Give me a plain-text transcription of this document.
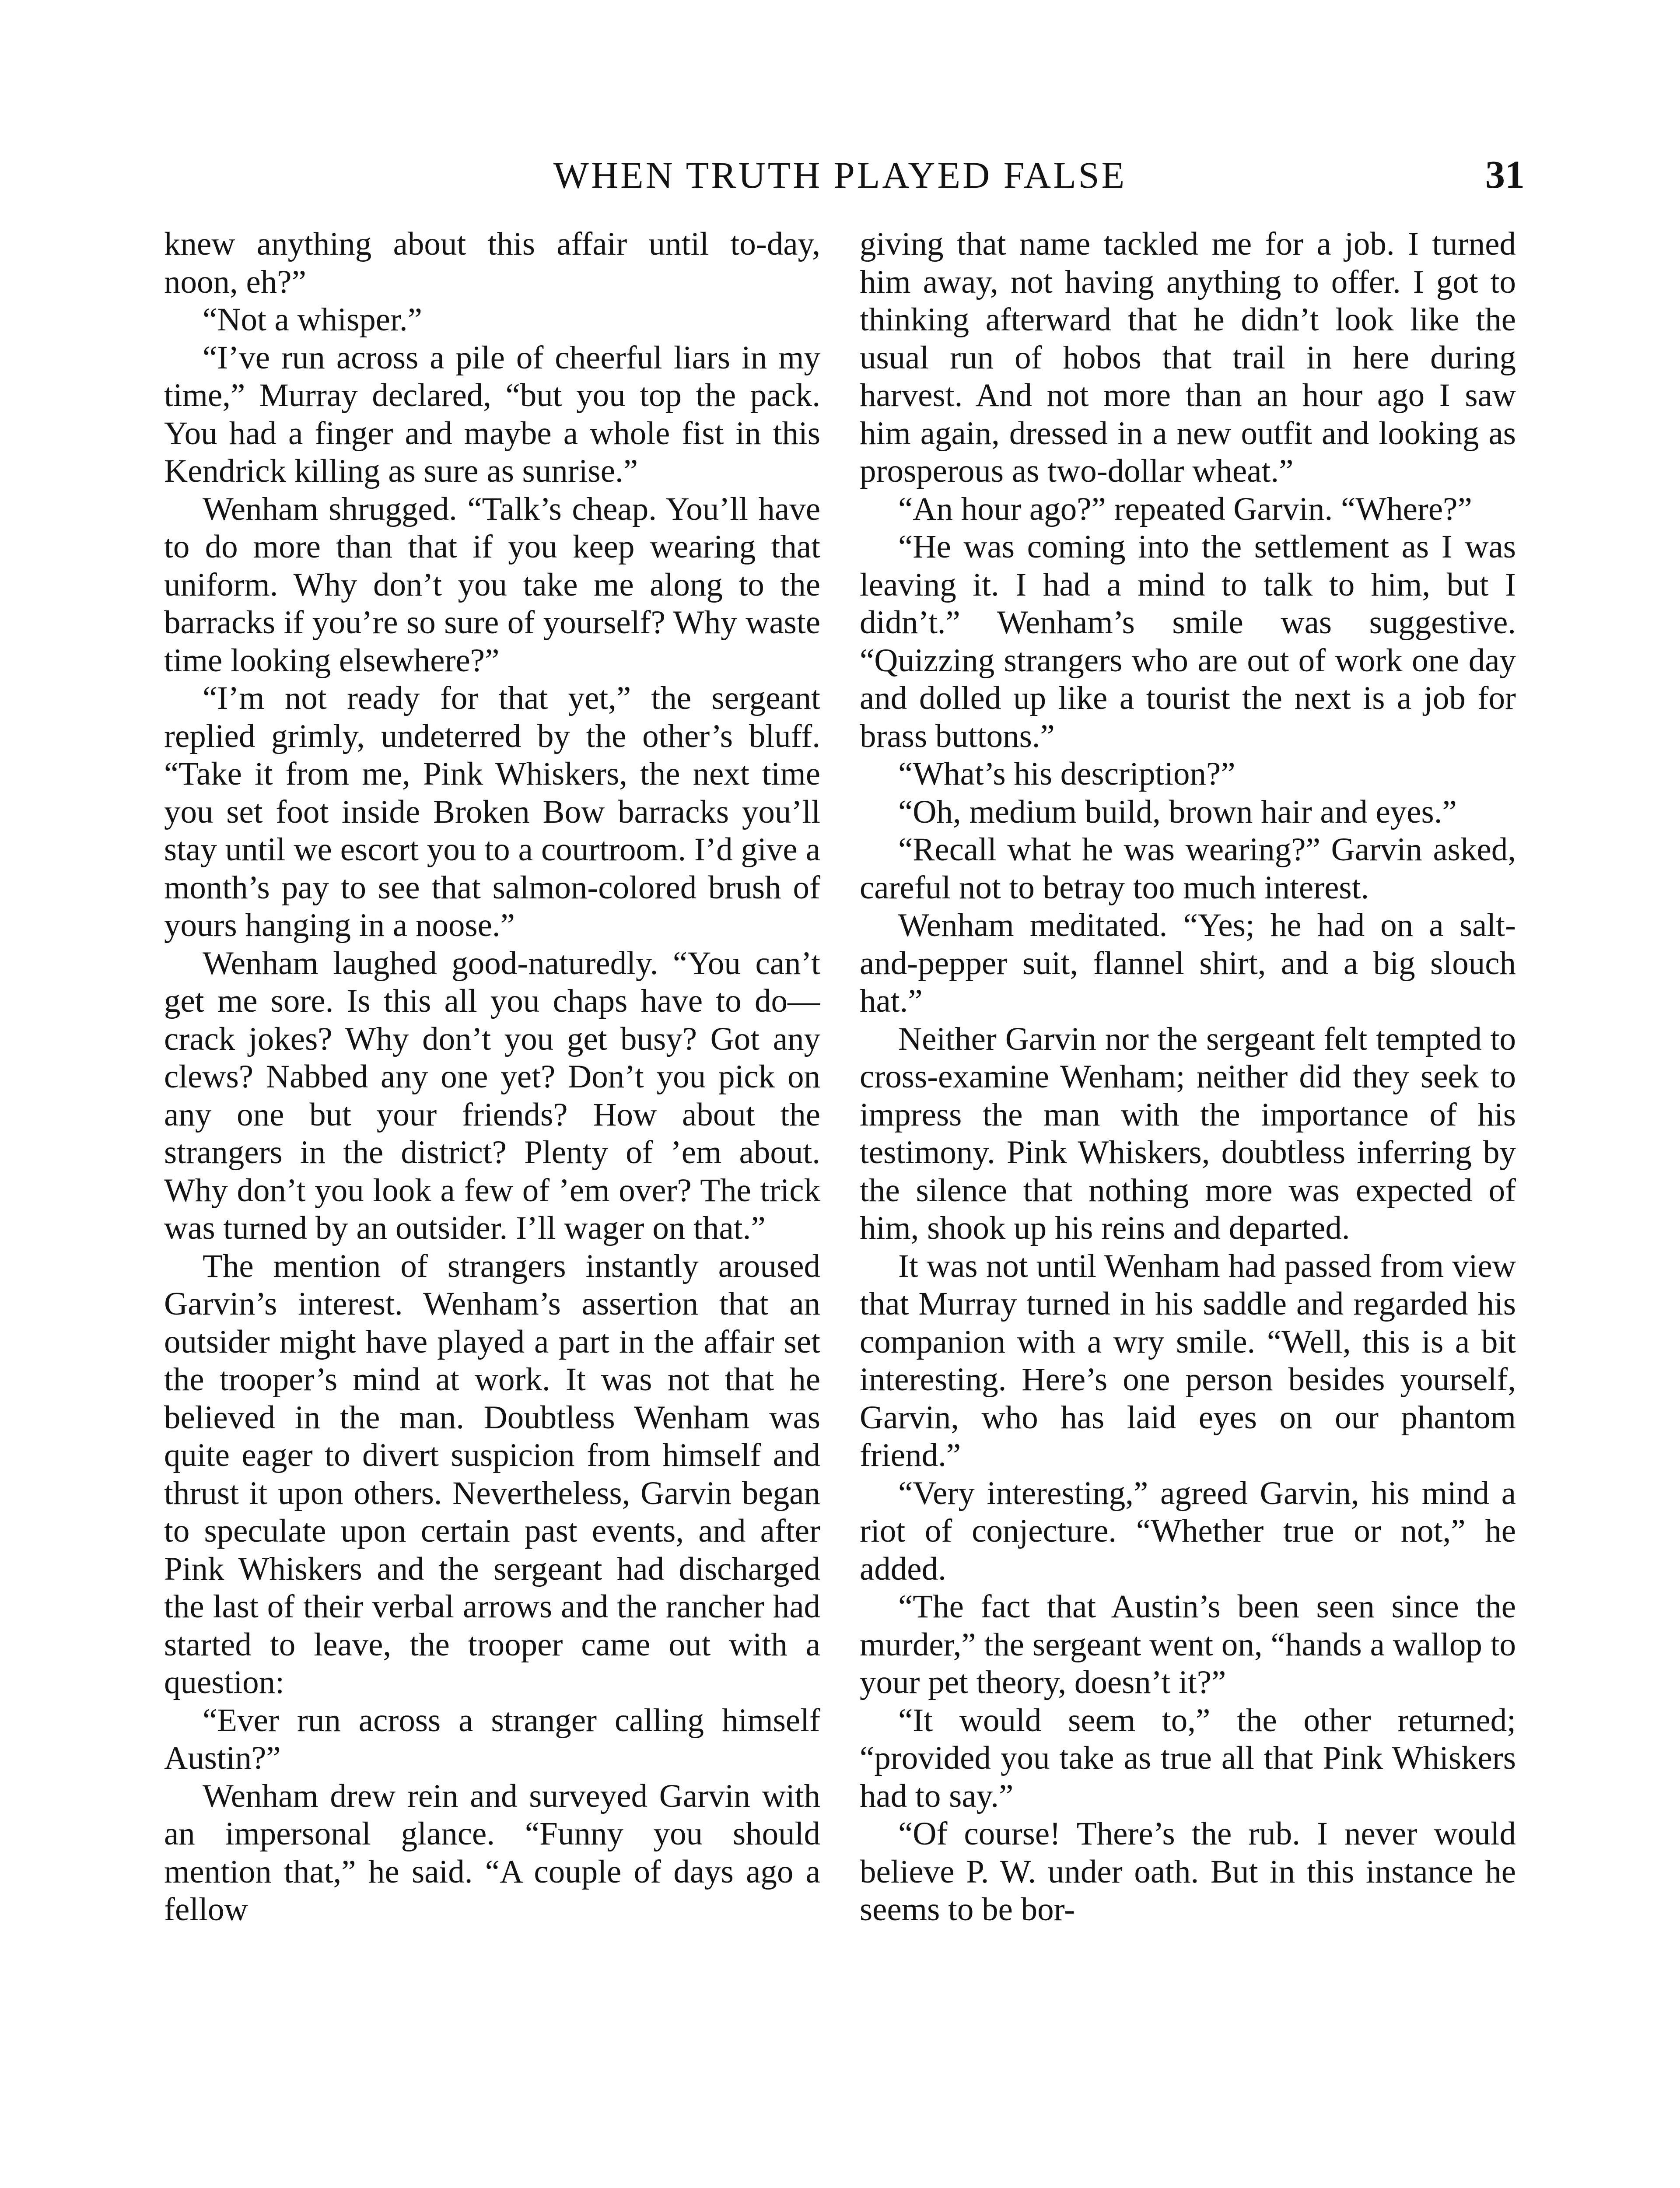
WHEN TRUTH PLAYED FALSE	31

knew anything about this affair until to-day, noon, eh?”

“Not a whisper.”

“I’ve run across a pile of cheerful liars in my time,” Murray declared, “but you top the pack. You had a finger and maybe a whole fist in this Kendrick killing as sure as sunrise.”

Wenham shrugged. “Talk’s cheap. You’ll have to do more than that if you keep wearing that uniform. Why don’t you take me along to the barracks if you’re so sure of yourself? Why waste time looking elsewhere?”

“I’m not ready for that yet,” the sergeant replied grimly, undeterred by the other’s bluff. “Take it from me, Pink Whiskers, the next time you set foot inside Broken Bow barracks you’ll stay until we escort you to a courtroom. I’d give a month’s pay to see that salmon-colored brush of yours hanging in a noose.”

Wenham laughed good-naturedly. “You can’t get me sore. Is this all you chaps have to do—crack jokes? Why don’t you get busy? Got any clews? Nabbed any one yet? Don’t you pick on any one but your friends? How about the strangers in the district? Plenty of ’em about. Why don’t you look a few of ’em over? The trick was turned by an outsider. I’ll wager on that.”

The mention of strangers instantly aroused Garvin’s interest. Wenham’s assertion that an outsider might have played a part in the affair set the trooper’s mind at work. It was not that he believed in the man. Doubtless Wenham was quite eager to divert suspicion from himself and thrust it upon others. Nevertheless, Garvin began to speculate upon certain past events, and after Pink Whiskers and the sergeant had discharged the last of their verbal arrows and the rancher had started to leave, the trooper came out with a question:

“Ever run across a stranger calling himself Austin?”

Wenham drew rein and surveyed Garvin with an impersonal glance. “Funny you should mention that,” he said. “A couple of days ago a fellow

giving that name tackled me for a job. I turned him away, not having anything to offer. I got to thinking afterward that he didn’t look like the usual run of hobos that trail in here during harvest. And not more than an hour ago I saw him again, dressed in a new outfit and looking as prosperous as two-dollar wheat.”

“An hour ago?” repeated Garvin. “Where?”

“He was coming into the settlement as I was leaving it. I had a mind to talk to him, but I didn’t.” Wenham’s smile was suggestive. “Quizzing strangers who are out of work one day and dolled up like a tourist the next is a job for brass buttons.”

“What’s his description?”

“Oh, medium build, brown hair and eyes.”

“Recall what he was wearing?” Garvin asked, careful not to betray too much interest.

Wenham meditated. “Yes; he had on a salt-and-pepper suit, flannel shirt, and a big slouch hat.”

Neither Garvin nor the sergeant felt tempted to cross-examine Wenham; neither did they seek to impress the man with the importance of his testimony. Pink Whiskers, doubtless inferring by the silence that nothing more was expected of him, shook up his reins and departed.

It was not until Wenham had passed from view that Murray turned in his saddle and regarded his companion with a wry smile. “Well, this is a bit interesting. Here’s one person besides yourself, Garvin, who has laid eyes on our phantom friend.”

“Very interesting,” agreed Garvin, his mind a riot of conjecture. “Whether true or not,” he added.

“The fact that Austin’s been seen since the murder,” the sergeant went on, “hands a wallop to your pet theory, doesn’t it?”

“It would seem to,” the other returned; “provided you take as true all that Pink Whiskers had to say.”

“Of course! There’s the rub. I never would believe P. W. under oath. But in this instance he seems to be bor-
